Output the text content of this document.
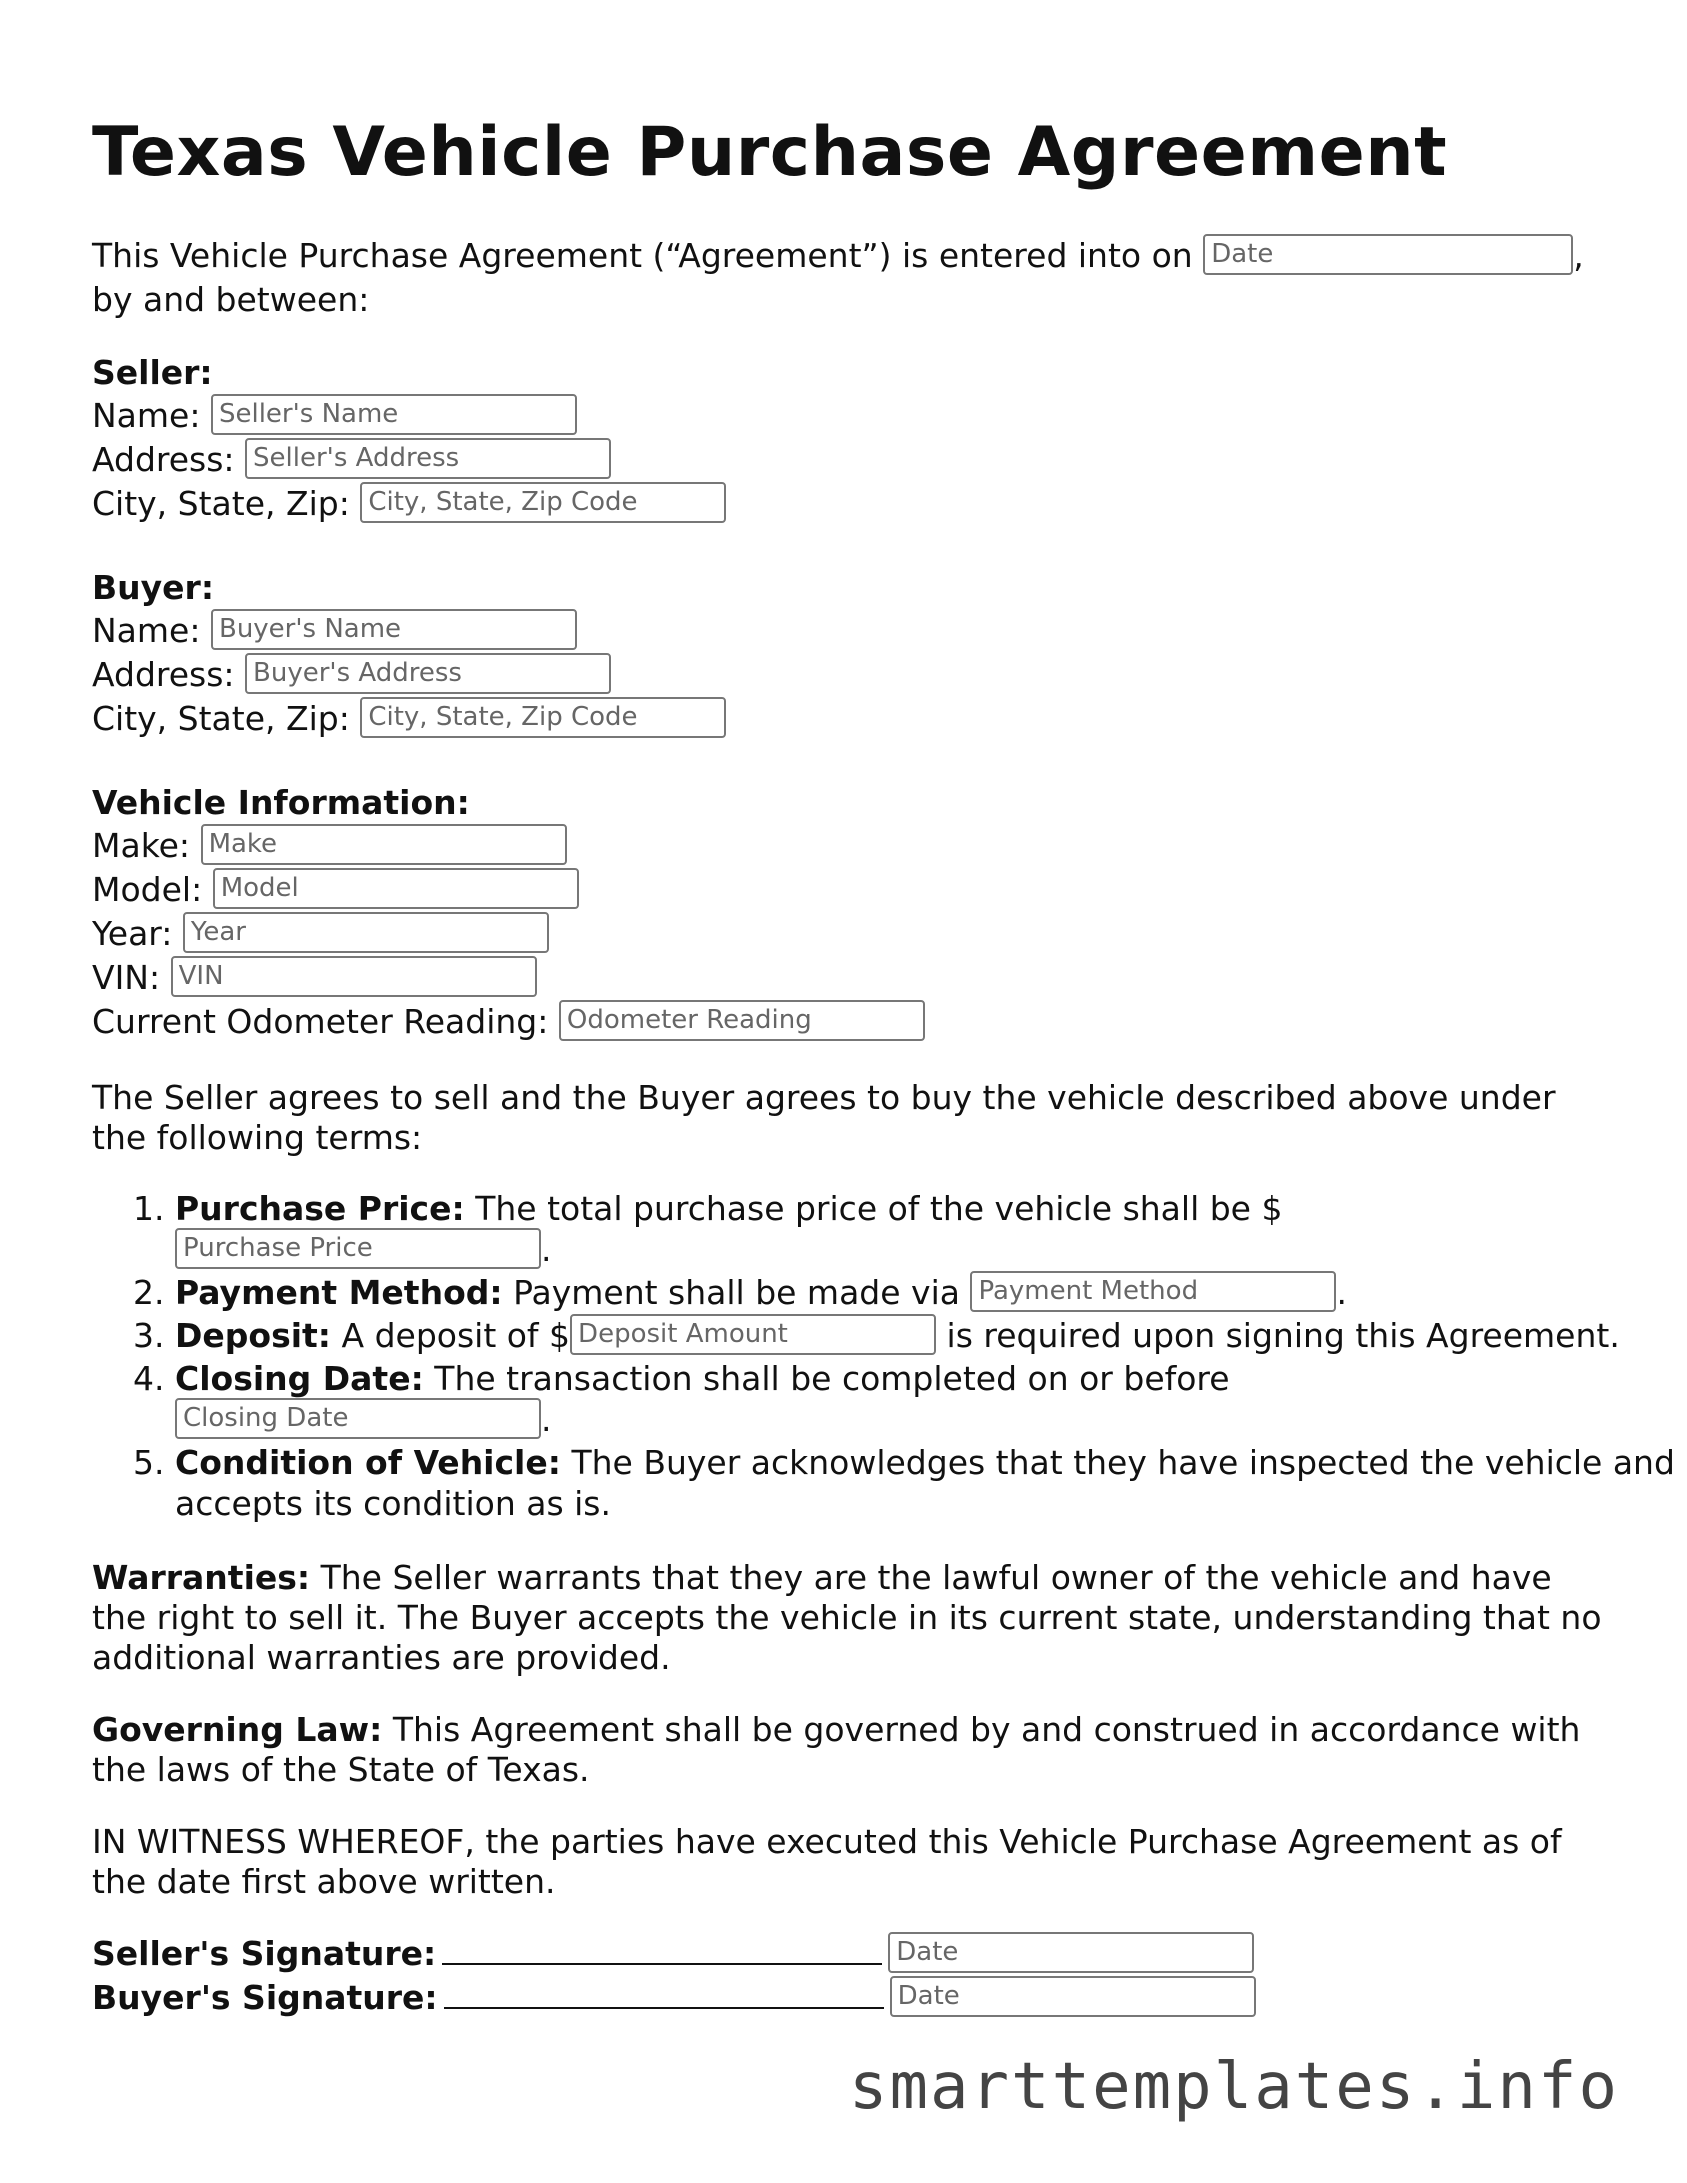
Texas Vehicle Purchase Agreement

This Vehicle Purchase Agreement (“Agreement”) is entered into on Date	,

by and between:

Seller:

Name: Seller's Name

Address: Seller's Address

City, State, Zip: City, State, Zip Code

Buyer:

Name: Buyer's Name

Address: Buyer's Address

City, State, Zip: City, State, Zip Code

Vehicle Information:

Make: Make

Model: Model

Year: Year

VIN: VIN

Current Odometer Reading: Odometer Reading

The Seller agrees to sell and the Buyer agrees to buy the vehicle described above under the following terms:

1. Purchase Price: The total purchase price of the vehicle shall be $
Purchase Price	.
2. Payment Method: Payment shall be made via Payment Method	.
3. Deposit: A deposit of $ Deposit Amount	is required upon signing this Agreement.
4. Closing Date: The transaction shall be completed on or before
Closing Date	.
5. Condition of Vehicle: The Buyer acknowledges that they have inspected the vehicle and accepts its condition as is.

Warranties: The Seller warrants that they are the lawful owner of the vehicle and have the right to sell it. The Buyer accepts the vehicle in its current state, understanding that no additional warranties are provided.

Governing Law: This Agreement shall be governed by and construed in accordance with the laws of the State of Texas.

IN WITNESS WHEREOF, the parties have executed this Vehicle Purchase Agreement as of the date first above written.

Seller's Signature:	Date

Buyer's Signature:	Date

smarttemplates.info
